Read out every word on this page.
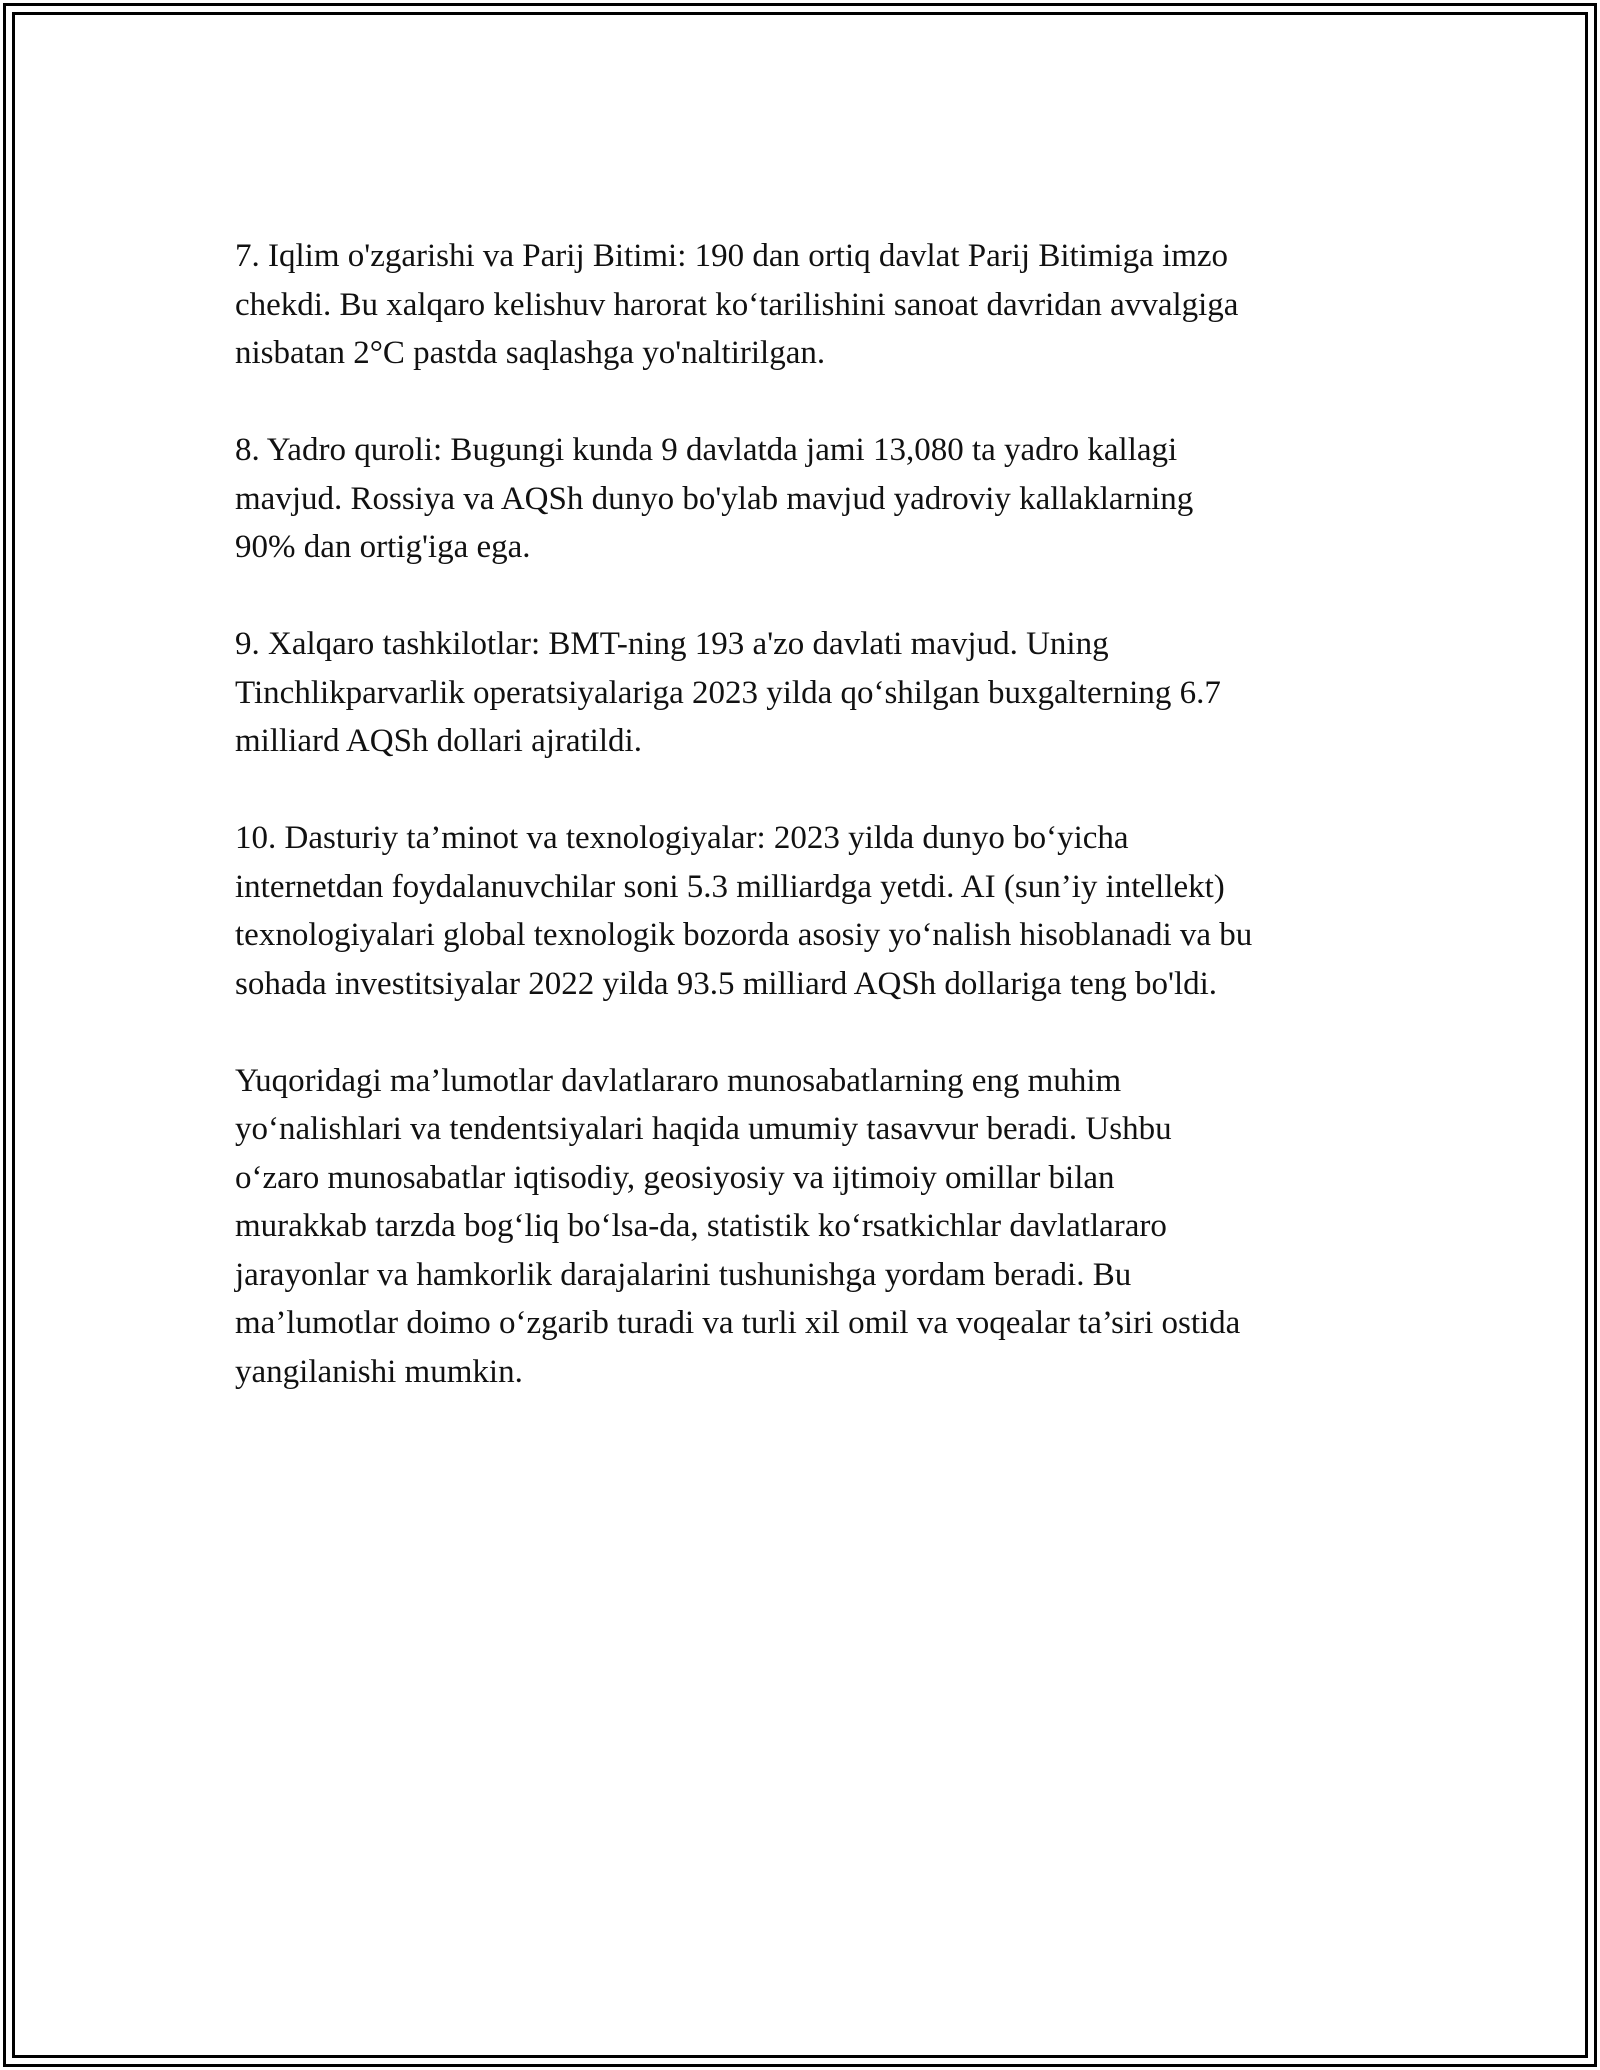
7. Iqlim o'zgarishi va Parij Bitimi: 190 dan ortiq davlat Parij Bitimiga imzo
chekdi. Bu xalqaro kelishuv harorat ko‘tarilishini sanoat davridan avvalgiga
nisbatan 2°C pastda saqlashga yo'naltirilgan.

8. Yadro quroli: Bugungi kunda 9 davlatda jami 13,080 ta yadro kallagi
mavjud. Rossiya va AQSh dunyo bo'ylab mavjud yadroviy kallaklarning
90% dan ortig'iga ega.

9. Xalqaro tashkilotlar: BMT-ning 193 a'zo davlati mavjud. Uning
Tinchlikparvarlik operatsiyalariga 2023 yilda qo‘shilgan buxgalterning 6.7
milliard AQSh dollari ajratildi.

10. Dasturiy ta’minot va texnologiyalar: 2023 yilda dunyo bo‘yicha
internetdan foydalanuvchilar soni 5.3 milliardga yetdi. AI (sun’iy intellekt)
texnologiyalari global texnologik bozorda asosiy yo‘nalish hisoblanadi va bu
sohada investitsiyalar 2022 yilda 93.5 milliard AQSh dollariga teng bo'ldi.

Yuqoridagi ma’lumotlar davlatlararo munosabatlarning eng muhim
yo‘nalishlari va tendentsiyalari haqida umumiy tasavvur beradi. Ushbu
o‘zaro munosabatlar iqtisodiy, geosiyosiy va ijtimoiy omillar bilan
murakkab tarzda bog‘liq bo‘lsa-da, statistik ko‘rsatkichlar davlatlararo
jarayonlar va hamkorlik darajalarini tushunishga yordam beradi. Bu
ma’lumotlar doimo o‘zgarib turadi va turli xil omil va voqealar ta’siri ostida
yangilanishi mumkin.
